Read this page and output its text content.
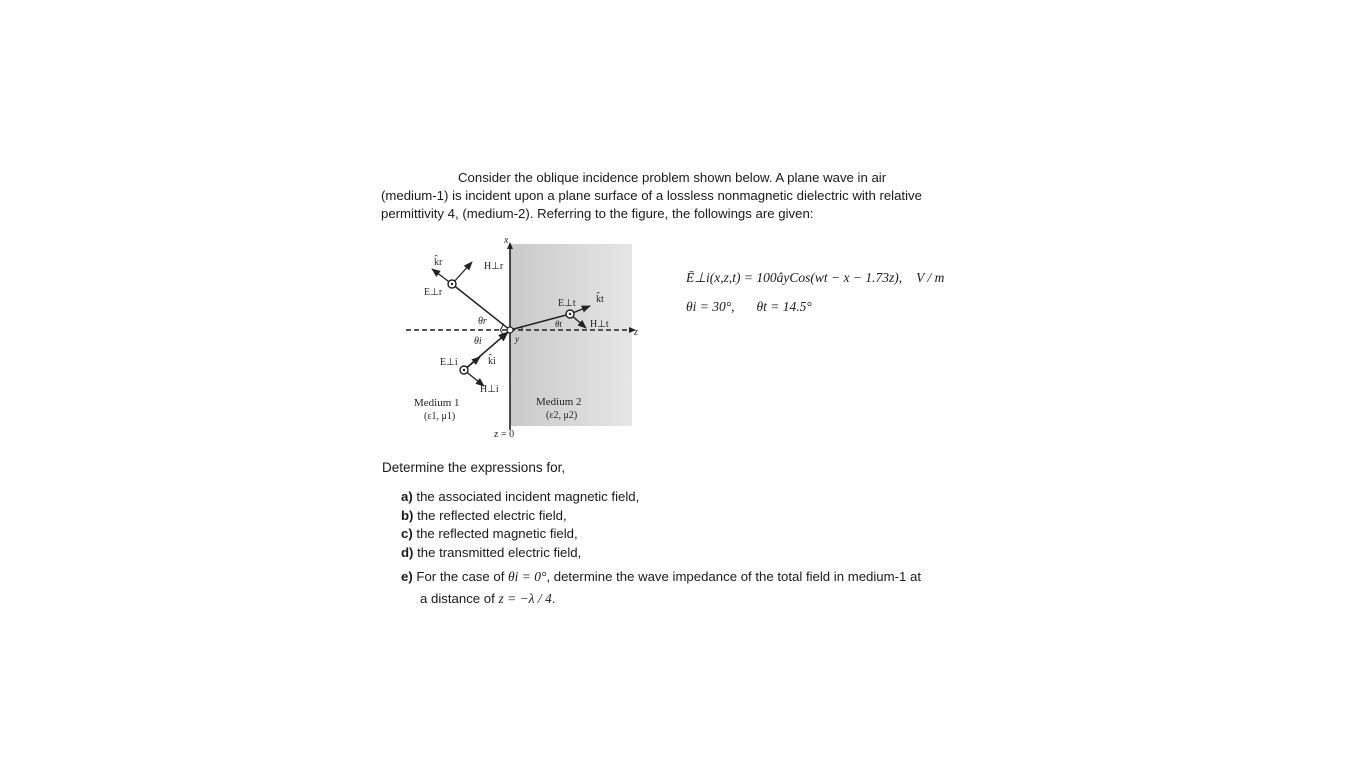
Consider the oblique incidence problem shown below. A plane wave in air
(medium-1) is incident upon a plane surface of a lossless nonmagnetic dielectric with relative
permittivity 4, (medium-2). Referring to the figure, the followings are given:
x
z
y
k̂r	H⊥r
E⊥r
θr
θi
k̂i
E⊥i
H⊥i
E⊥t k̂t
θt	H⊥t
Medium 1
(ε1, μ1)
Medium 2
(ε2, μ2)
z = 0
Ē⊥i(x,z,t) = 100âyCos(wt − x − 1.73z), V / m
θi = 30°, θt = 14.5°
Determine the expressions for,
a) the associated incident magnetic field,
b) the reflected electric field,
c) the reflected magnetic field,
d) the transmitted electric field,
e) For the case of θi = 0°, determine the wave impedance of the total field in medium-1 at
a distance of z = −λ / 4.
